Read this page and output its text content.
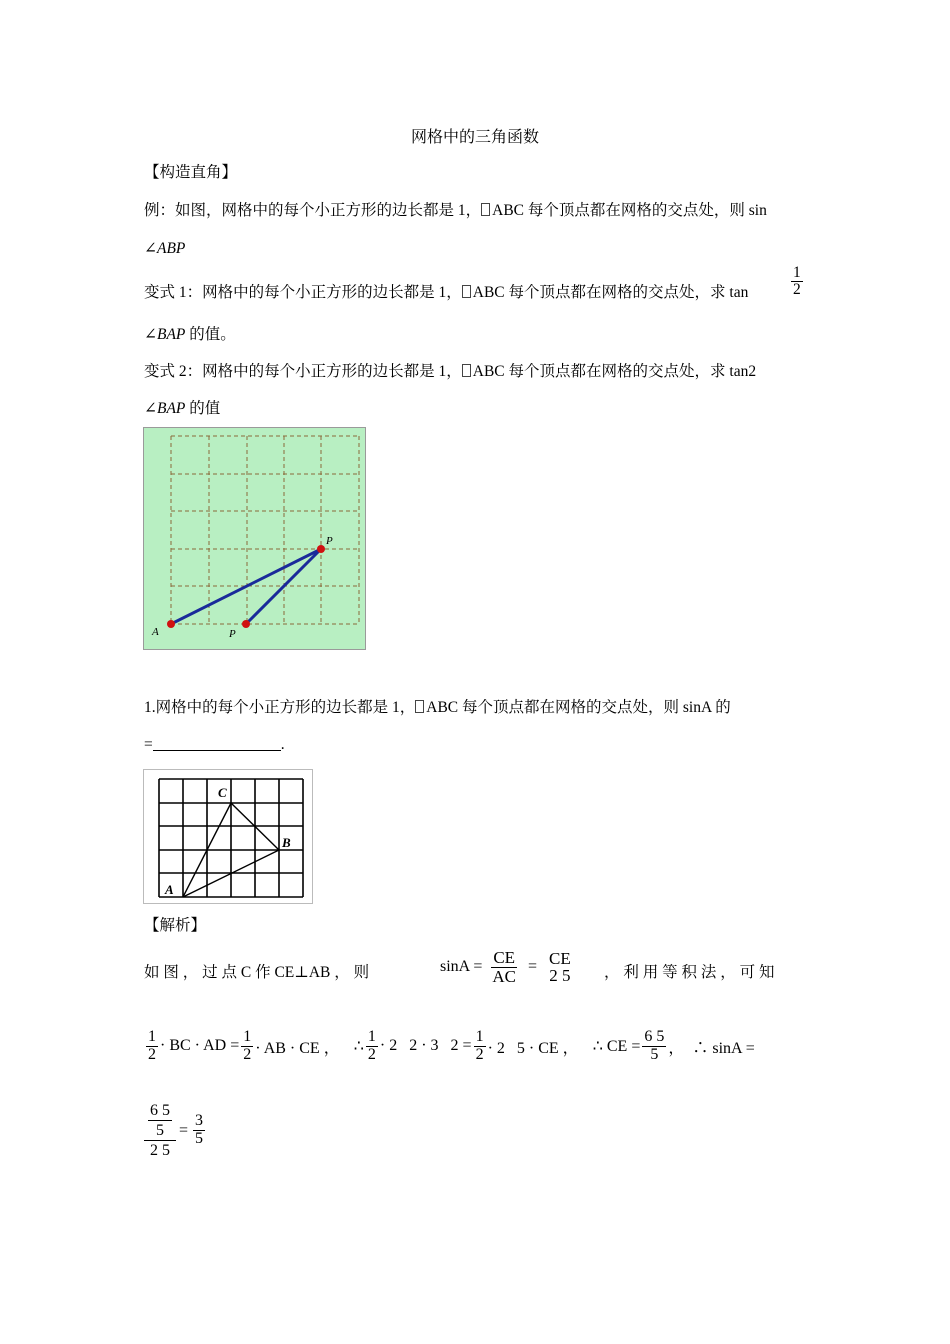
网格中的三角函数
【构造直角】
例：如图，网格中的每个小正方形的边长都是 1， ABC 每个顶点都在网格的交点处，则 sin
∠ABP
变式 1：网格中的每个小正方形的边长都是 1， ABC 每个顶点都在网格的交点处，求 tan	$\frac{1}{2}$
∠BAP 的值。
变式 2：网格中的每个小正方形的边长都是 1， ABC 每个顶点都在网格的交点处，求 tan2
∠BAP 的值
A	P
P
1.网格中的每个小正方形的边长都是 1， ABC 每个顶点都在网格的交点处，则 sinA 的
=	.
C
B
A
【解析】
如 图 ， 过 点 C 作 CE⊥AB ， 则	$\sin A = \frac{CE}{AC}$ = CE
2 5 ， 利 用 等 积 法 ， 可 知
$\frac{1}{2}$ · BC · AD = $\frac{1}{2}$ · AB · CE ， ∴ $\frac{1}{2} \cdot 2$   2 · 3   $2 = \frac{1}{2} \cdot 2$   5 · CE ， ∴ CE = $\frac{6 5}{5}$ ，  ∴ sinA =
$\frac{\frac{6 5}{5}}{2 5} = \frac{3}{5}$
